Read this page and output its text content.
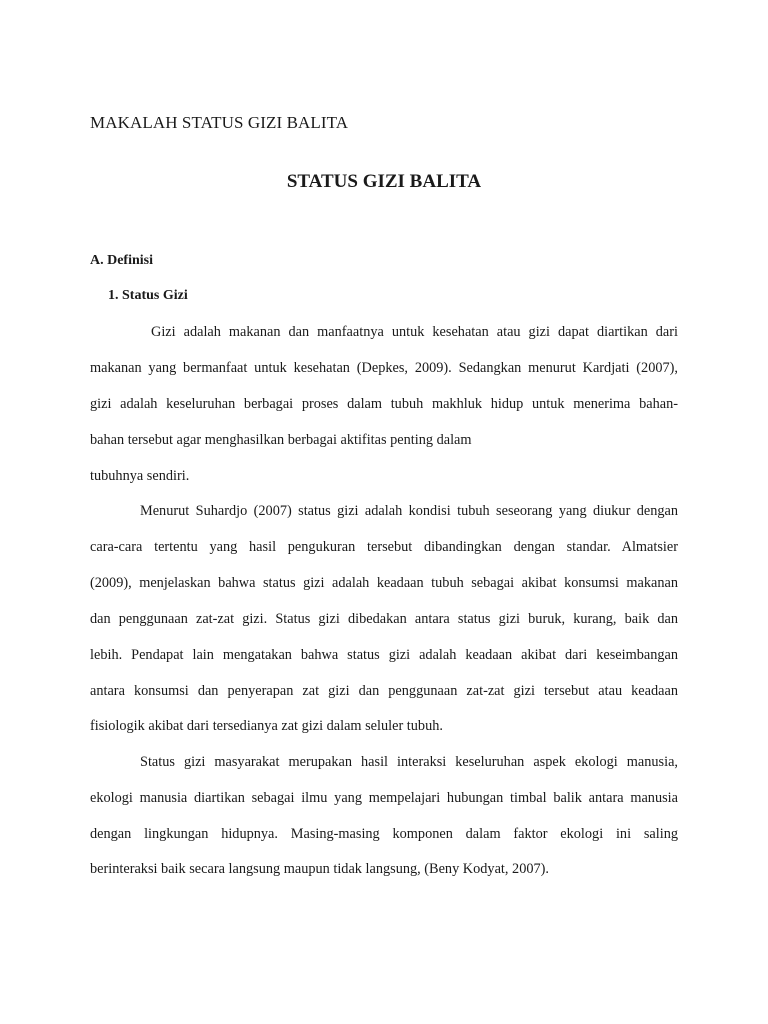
MAKALAH STATUS GIZI BALITA
STATUS GIZI BALITA
A. Definisi
1. Status Gizi
Gizi adalah makanan dan manfaatnya untuk kesehatan atau gizi dapat diartikan dari
makanan yang bermanfaat untuk kesehatan (Depkes, 2009). Sedangkan menurut Kardjati (2007),
gizi adalah keseluruhan berbagai proses dalam tubuh makhluk hidup untuk menerima bahan-
bahan tersebut agar menghasilkan berbagai aktifitas penting dalam
tubuhnya sendiri.
Menurut Suhardjo (2007) status gizi adalah kondisi tubuh seseorang yang diukur dengan
cara-cara tertentu yang hasil pengukuran tersebut dibandingkan dengan standar. Almatsier
(2009), menjelaskan bahwa status gizi adalah keadaan tubuh sebagai akibat konsumsi makanan
dan penggunaan zat-zat gizi. Status gizi dibedakan antara status gizi buruk, kurang, baik dan
lebih. Pendapat lain mengatakan bahwa status gizi adalah keadaan akibat dari keseimbangan
antara konsumsi dan penyerapan zat gizi dan penggunaan zat-zat gizi tersebut atau keadaan
fisiologik akibat dari tersedianya zat gizi dalam seluler tubuh.
Status gizi masyarakat merupakan hasil interaksi keseluruhan aspek ekologi manusia,
ekologi manusia diartikan sebagai ilmu yang mempelajari hubungan timbal balik antara manusia
dengan lingkungan hidupnya. Masing-masing komponen dalam faktor ekologi ini saling
berinteraksi baik secara langsung maupun tidak langsung, (Beny Kodyat, 2007).
